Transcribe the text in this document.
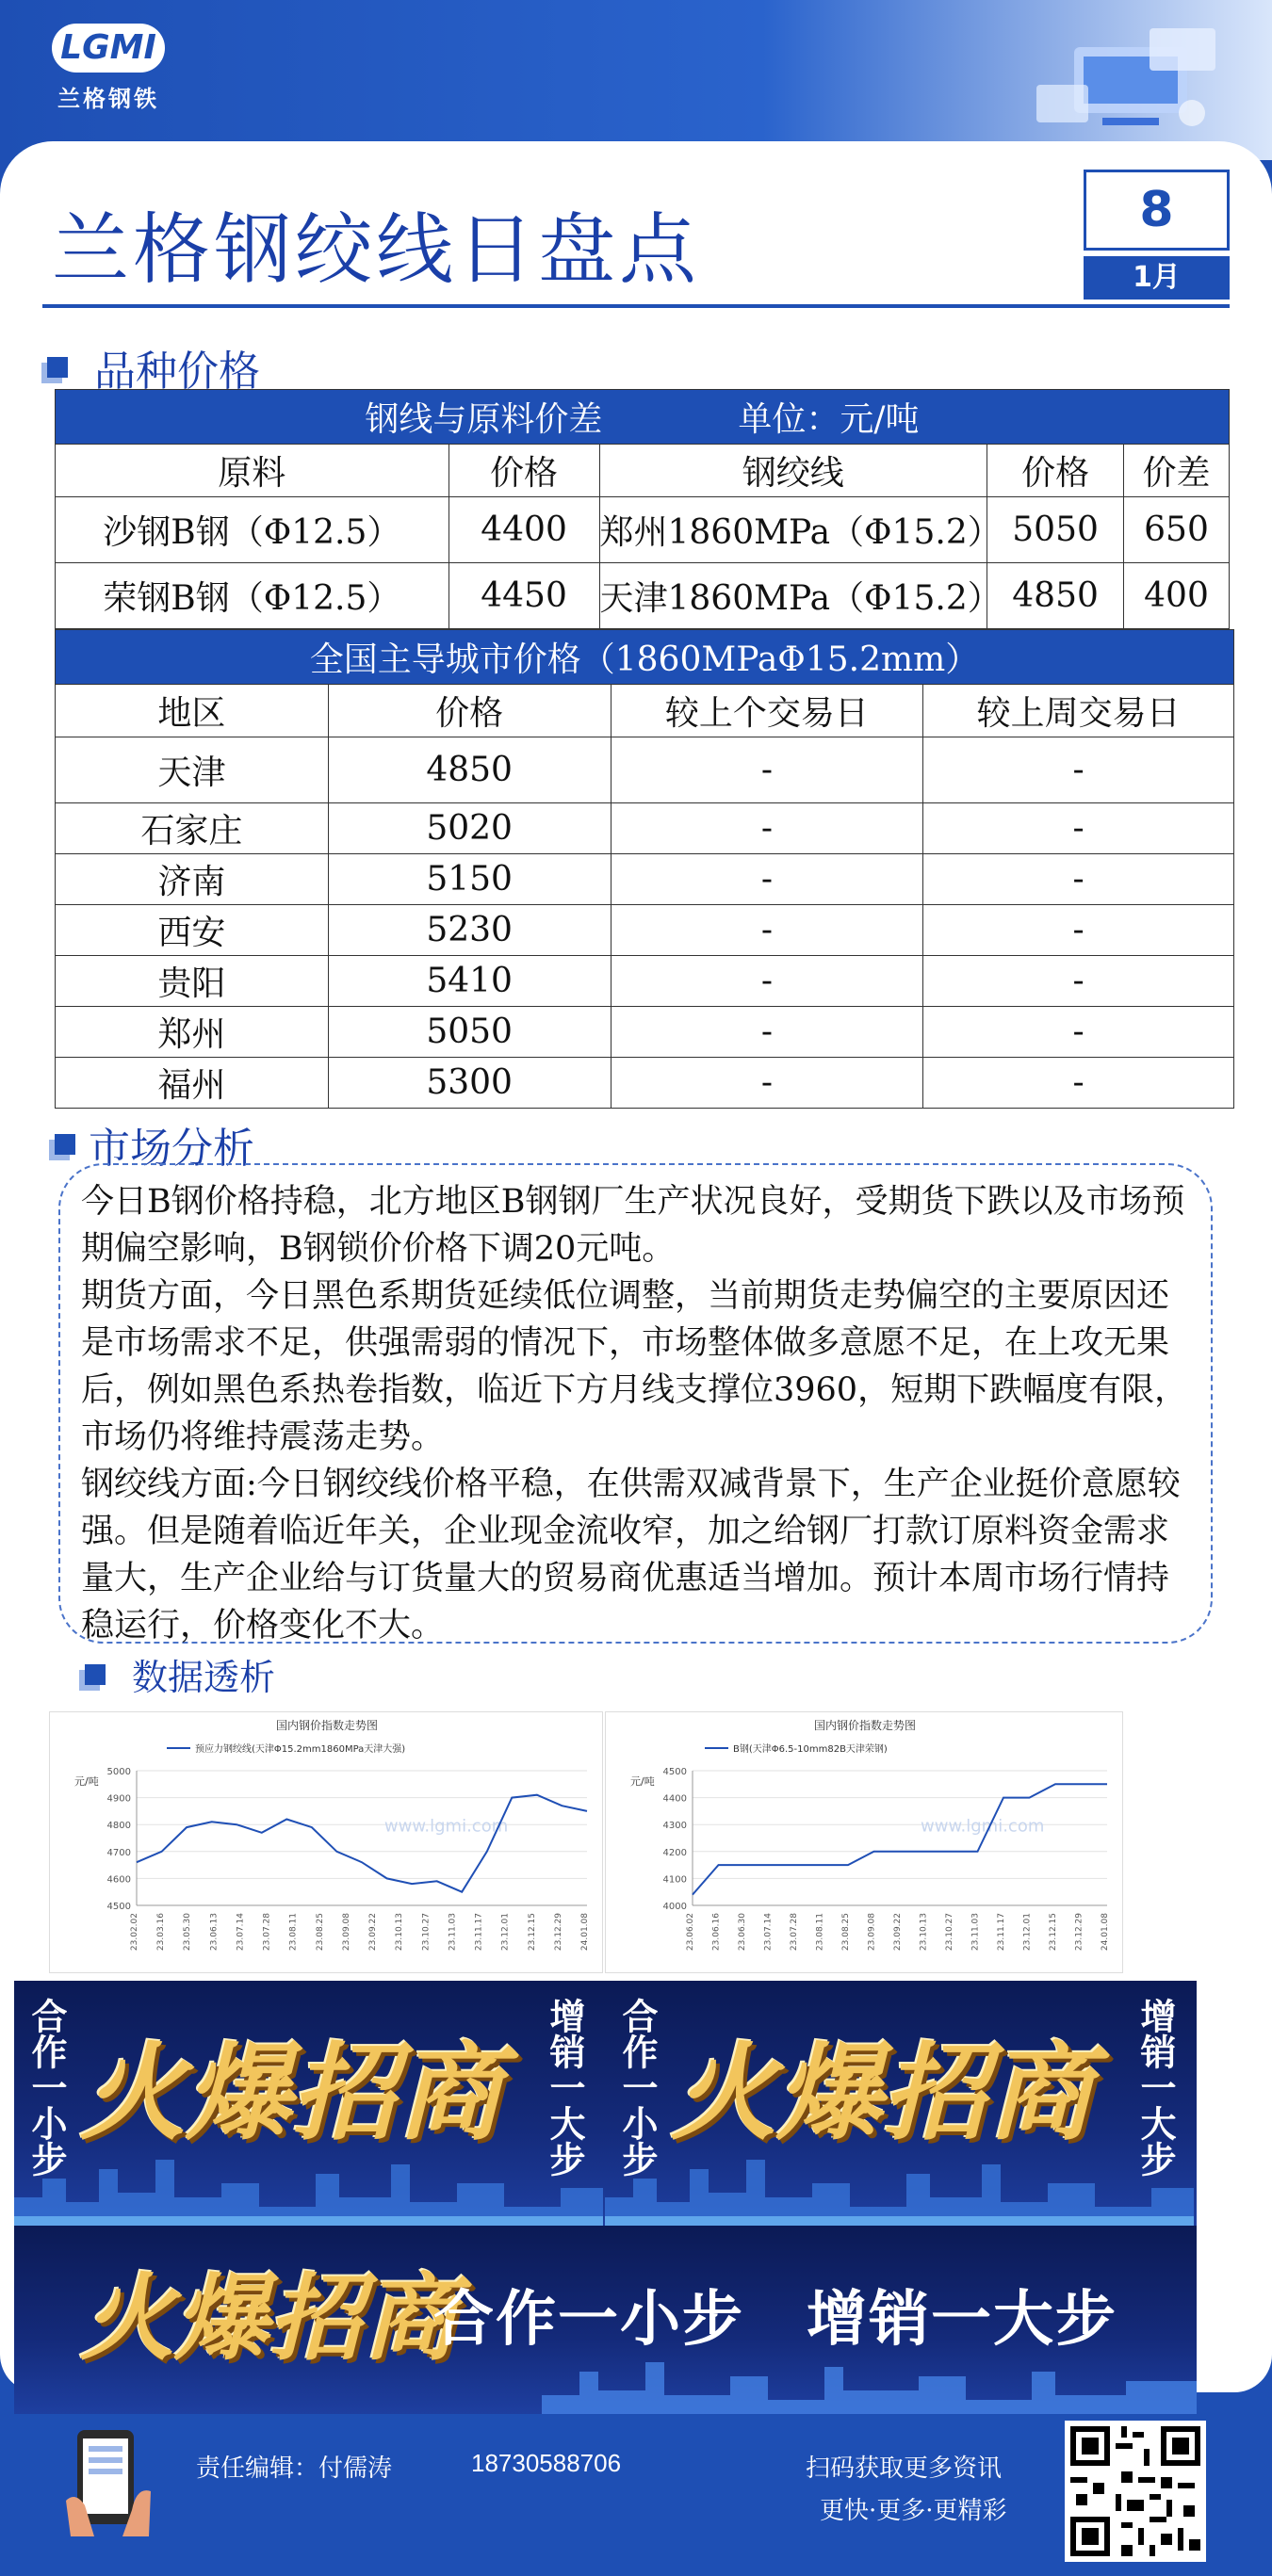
LGMI
兰格钢铁
兰格钢绞线日盘点	8
1月
品种价格
钢线与原料价差　　　　单位：元/吨				
原料	价格	钢绞线	价格	价差
沙钢B钢（Φ12.5）	4400	郑州1860MPa（Φ15.2）	5050	650
荣钢B钢（Φ12.5）	4450	天津1860MPa（Φ15.2）	4850	400
全国主导城市价格（1860MPaΦ15.2mm）			
地区	价格	较上个交易日	较上周交易日
天津	4850	-	-
石家庄	5020	-	-
济南	5150	-	-
西安	5230	-	-
贵阳	5410	-	-
郑州	5050	-	-
福州	5300	-	-
市场分析

今日B钢价格持稳，北方地区B钢钢厂生产状况良好，受期货下跌以及市场预期偏空影响，B钢锁价价格下调20元吨。

期货方面，今日黑色系期货延续低位调整，当前期货走势偏空的主要原因还是市场需求不足，供强需弱的情况下，市场整体做多意愿不足，在上攻无果后，例如黑色系热卷指数，临近下方月线支撑位3960，短期下跌幅度有限，市场仍将维持震荡走势。

钢绞线方面:今日钢绞线价格平稳，在供需双减背景下，生产企业挺价意愿较强。但是随着临近年关，企业现金流收窄，加之给钢厂打款订原料资金需求量大，生产企业给与订货量大的贸易商优惠适当增加。预计本周市场行情持稳运行，价格变化不大。

数据透析
国内钢价指数走势图
预应力钢绞线(天津Φ15.2mm1860MPa天津大强)
元/吨
5000
4900
4800
4700
4600
4500
23.02.02 23.03.16 23.05.30 23.06.13 23.07.14 23.07.28 23.08.11 23.08.25 23.09.08 23.09.22 23.10.13 23.10.27 23.11.03 23.11.17 23.12.01 23.12.15 23.12.29 24.01.08
www.lgmi.com
国内钢价指数走势图
B钢(天津Φ6.5-10mm82B天津荣钢)
元/吨
4500
4400
4300
4200
4100
4000
23.06.02 23.06.16 23.06.30 23.07.14 23.07.28 23.08.11 23.08.25 23.09.08 23.09.22 23.10.13 23.10.27 23.11.03 23.11.17 23.12.01 23.12.15 23.12.29 24.01.08
www.lgmi.com
合作一小步 火爆招商 增销一大步 合作一小步 火爆招商 增销一大步
火爆招商
合作一小步　增销一大步
责任编辑：付儒涛	18730588706	扫码获取更多资讯
更快·更多·更精彩
